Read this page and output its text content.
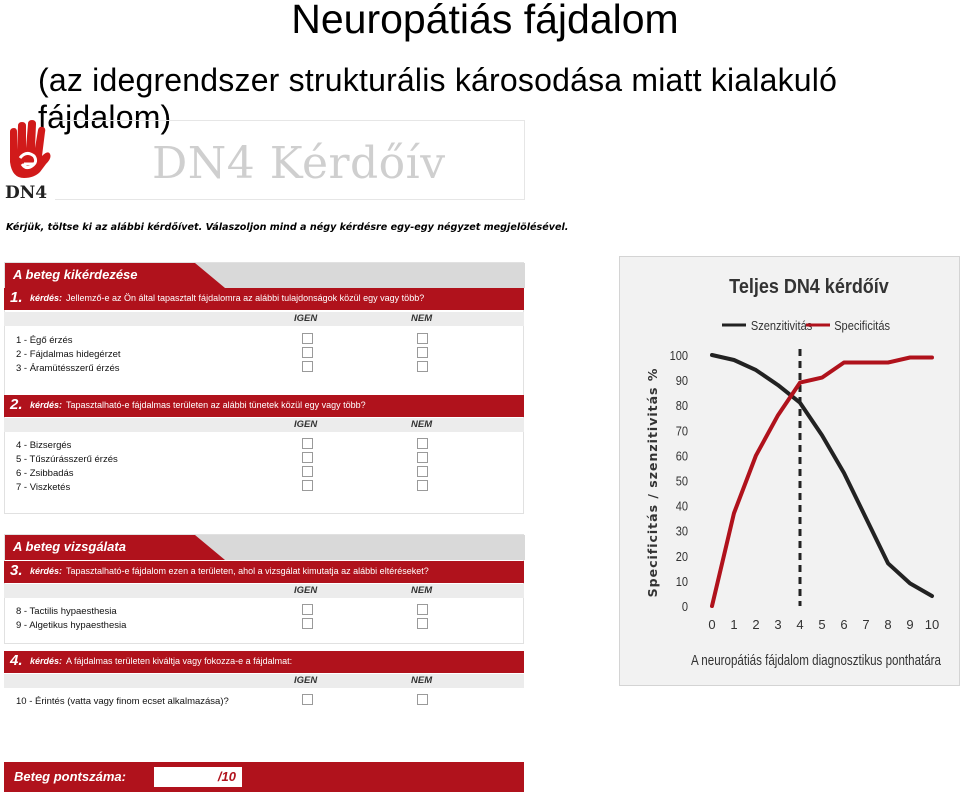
Neuropátiás fájdalom
(az idegrendszer strukturális károsodása miatt kialakuló fájdalom)
DN4
DN4 Kérdőív
Kérjük, töltse ki az alábbi kérdőívet. Válaszoljon mind a négy kérdésre egy-egy négyzet megjelölésével.
A beteg kikérdezése
1. kérdés: Jellemző-e az Ön által tapasztalt fájdalomra az alábbi tulajdonságok közül egy vagy több?
IGEN	NEM
1 - Égő érzés
2 - Fájdalmas hidegérzet
3 - Áramütésszerű érzés
2. kérdés: Tapasztalható-e fájdalmas területen az alábbi tünetek közül egy vagy több?
IGEN	NEM
4 - Bizsergés
5 - Tűszúrásszerű érzés
6 - Zsibbadás
7 - Viszketés
A beteg vizsgálata
3. kérdés: Tapasztalható-e fájdalom ezen a területen, ahol a vizsgálat kimutatja az alábbi eltéréseket?
IGEN	NEM
8 - Tactilis hypaesthesia
9 - Algetikus hypaesthesia
4. kérdés: A fájdalmas területen kiváltja vagy fokozza-e a fájdalmat:
IGEN	NEM
10 - Érintés (vatta vagy finom ecset alkalmazása)?
Beteg pontszáma:	/10
Teljes DN4 kérdőív
Szenzitivitás Specificitás
Specificitás / szenzitivitás %
0
10
20
30
40
50
60
70
80
90
100
0 1 2 3 4 5 6 7 8 9 10
A neuropátiás fájdalom diagnosztikus ponthatára
